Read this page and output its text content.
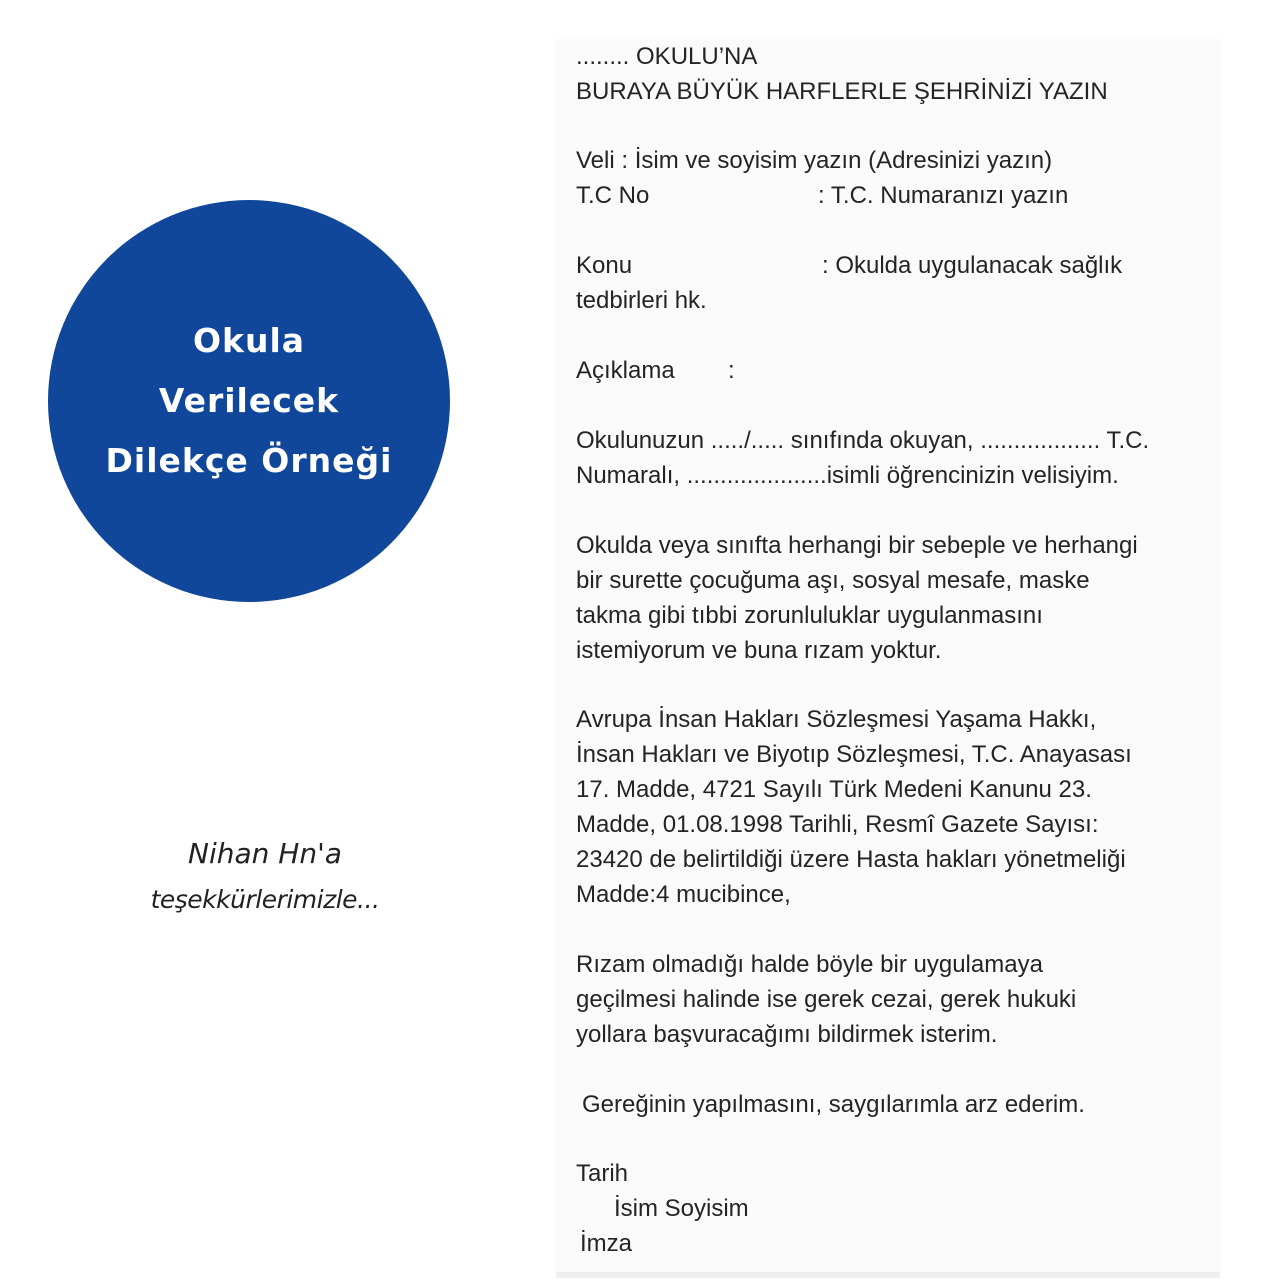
Okula
Verilecek
Dilekçe Örneği
Nihan Hn'a
teşekkürlerimizle...
........ OKULU’NA
BURAYA BÜYÜK HARFLERLE ŞEHRİNİZİ YAZIN
Veli : İsim ve soyisim yazın (Adresinizi yazın)
T.C No	: T.C. Numaranızı yazın
Konu	: Okulda uygulanacak sağlık
tedbirleri hk.
Açıklama :
Okulunuzun ...../..... sınıfında okuyan, .................. T.C.
Numaralı, .....................isimli öğrencinizin velisiyim.
Okulda veya sınıfta herhangi bir sebeple ve herhangi
bir surette çocuğuma aşı, sosyal mesafe, maske
takma gibi tıbbi zorunluluklar uygulanmasını
istemiyorum ve buna rızam yoktur.
Avrupa İnsan Hakları Sözleşmesi Yaşama Hakkı,
İnsan Hakları ve Biyotıp Sözleşmesi, T.C. Anayasası
17. Madde, 4721 Sayılı Türk Medeni Kanunu 23.
Madde, 01.08.1998 Tarihli, Resmî Gazete Sayısı:
23420 de belirtildiği üzere Hasta hakları yönetmeliği
Madde:4 mucibince,
Rızam olmadığı halde böyle bir uygulamaya
geçilmesi halinde ise gerek cezai, gerek hukuki
yollara başvuracağımı bildirmek isterim.
Gereğinin yapılmasını, saygılarımla arz ederim.
Tarih
İsim Soyisim
İmza
